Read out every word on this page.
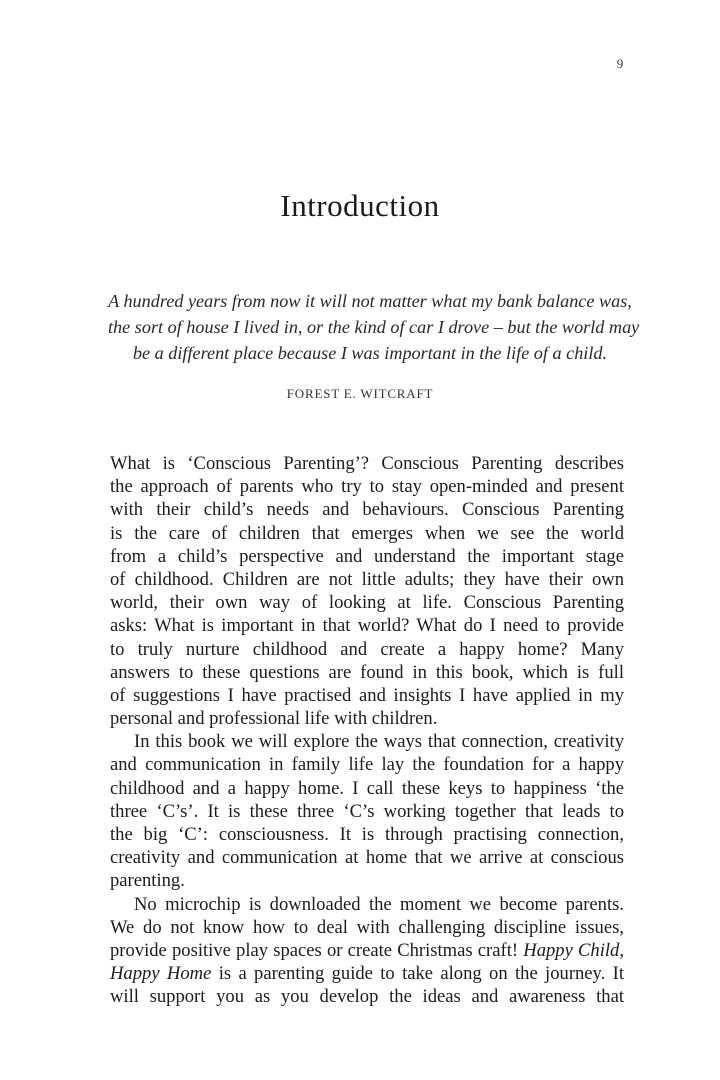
9
Introduction
A hundred years from now it will not matter what my bank balance was,
the sort of house I lived in, or the kind of car I drove – but the world may
be a different place because I was important in the life of a child.
FOREST E. WITCRAFT
What is ‘Conscious Parenting’? Conscious Parenting describes
the approach of parents who try to stay open-minded and present
with their child’s needs and behaviours. Conscious Parenting
is the care of children that emerges when we see the world
from a child’s perspective and understand the important stage
of childhood. Children are not little adults; they have their own
world, their own way of looking at life. Conscious Parenting
asks: What is important in that world? What do I need to provide
to truly nurture childhood and create a happy home? Many
answers to these questions are found in this book, which is full
of suggestions I have practised and insights I have applied in my
personal and professional life with children.
In this book we will explore the ways that connection, creativity
and communication in family life lay the foundation for a happy
childhood and a happy home. I call these keys to happiness ‘the
three ‘C’s’. It is these three ‘C’s working together that leads to
the big ‘C’: consciousness. It is through practising connection,
creativity and communication at home that we arrive at conscious
parenting.
No microchip is downloaded the moment we become parents.
We do not know how to deal with challenging discipline issues,
provide positive play spaces or create Christmas craft! Happy Child,
Happy Home is a parenting guide to take along on the journey. It
will support you as you develop the ideas and awareness that
